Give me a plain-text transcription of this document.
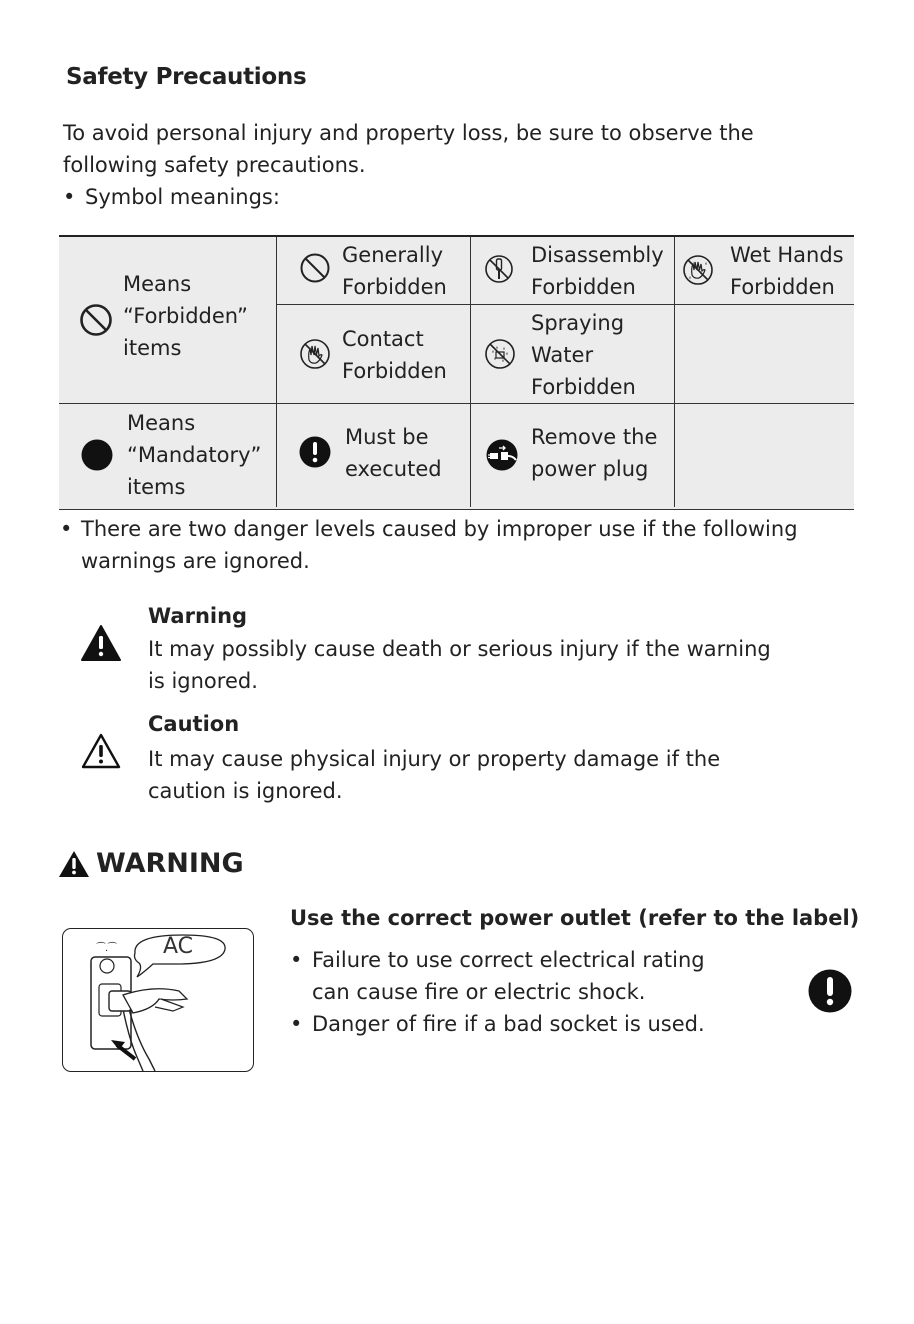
Safety Precautions
To avoid personal injury and property loss, be sure to observe the
following safety precautions.
• Symbol meanings:
Means
“Forbidden”
items
Generally
Forbidden
Disassembly
Forbidden
Wet Hands
Forbidden
Contact
Forbidden
Spraying
Water
Forbidden
Means
“Mandatory”
items
Must be
executed
Remove the
power plug
• There are two danger levels caused by improper use if the following
warnings are ignored.
Warning
It may possibly cause death or serious injury if the warning
is ignored.
Caution
It may cause physical injury or property damage if the
caution is ignored.
WARNING
⁀.⁀ AC
Use the correct power outlet (refer to the label)
• Failure to use correct electrical rating
can cause fire or electric shock.
• Danger of fire if a bad socket is used.
